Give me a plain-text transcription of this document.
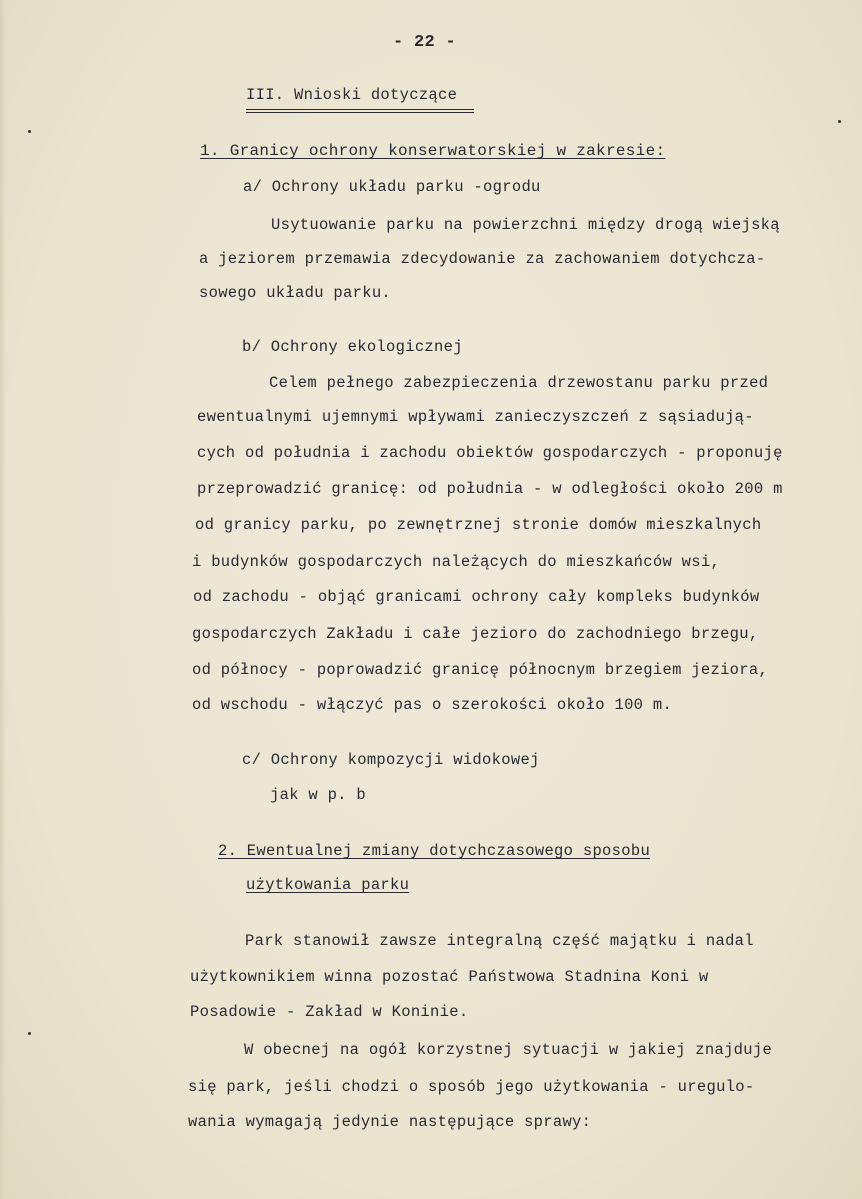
- 22 -
III. Wnioski dotyczące
1. Granicy ochrony konserwatorskiej w zakresie:
a/ Ochrony układu parku -ogrodu
Usytuowanie parku na powierzchni między drogą wiejską
a jeziorem przemawia zdecydowanie za zachowaniem dotychcza-
sowego układu parku.
b/ Ochrony ekologicznej
Celem pełnego zabezpieczenia drzewostanu parku przed
ewentualnymi ujemnymi wpływami zanieczyszczeń z sąsiadują-
cych od południa i zachodu obiektów gospodarczych - proponuję
przeprowadzić granicę: od południa - w odległości około 200 m
od granicy parku, po zewnętrznej stronie domów mieszkalnych
i budynków gospodarczych należących do mieszkańców wsi,
od zachodu - objąć granicami ochrony cały kompleks budynków
gospodarczych Zakładu i całe jezioro do zachodniego brzegu,
od północy - poprowadzić granicę północnym brzegiem jeziora,
od wschodu - włączyć pas o szerokości około 100 m.
c/ Ochrony kompozycji widokowej
jak w p. b
2. Ewentualnej zmiany dotychczasowego sposobu
użytkowania parku
Park stanowił zawsze integralną część majątku i nadal
użytkownikiem winna pozostać Państwowa Stadnina Koni w
Posadowie - Zakład w Koninie.
W obecnej na ogół korzystnej sytuacji w jakiej znajduje
się park, jeśli chodzi o sposób jego użytkowania - uregulo-
wania wymagają jedynie następujące sprawy:
